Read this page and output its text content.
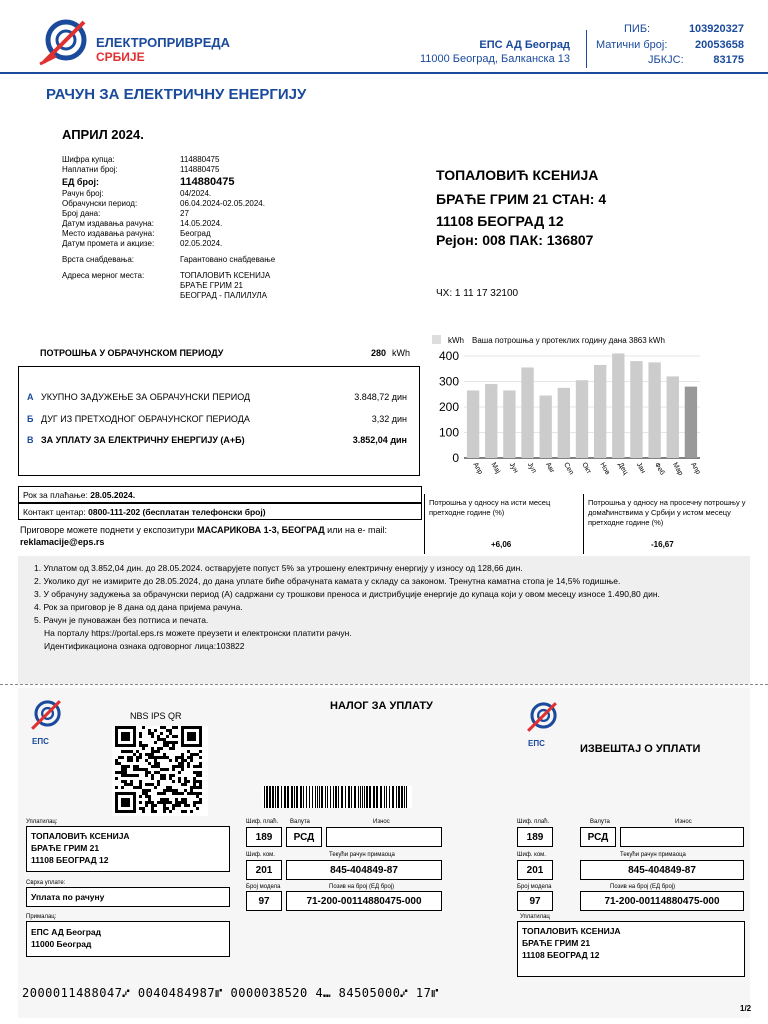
ЕЛЕКТРОПРИВРЕДА
СРБИЈЕ
ЕПС АД Београд
11000 Београд, Балканска 13
ПИБ:	103920327
Матични број:	20053658
ЈБКЈС:	83175
РАЧУН ЗА ЕЛЕКТРИЧНУ ЕНЕРГИЈУ
АПРИЛ 2024.
Шифра купца:	114880475
Наплатни број:	114880475
ЕД број:	114880475
Рачун број:	04/2024.
Обрачунски период:	06.04.2024-02.05.2024.
Број дана:	27
Датум издавања рачуна:	14.05.2024.
Место издавања рачуна:	Београд
Датум промета и акцизе:	02.05.2024.
Врста снабдевања:	Гарантовано снабдевање
Адреса мерног места:	ТОПАЛОВИЋ КСЕНИЈА
БРАЋЕ ГРИМ 21
БЕОГРАД - ПАЛИЛУЛА
ТОПАЛОВИЋ КСЕНИЈА
БРАЋЕ ГРИМ 21 СТАН: 4
11108 БЕОГРАД 12
Рејон: 008 ПАК: 136807
ЧХ: 1 11 17 32100
ПОТРОШЊА У ОБРАЧУНСКОМ ПЕРИОДУ	280 kWh
А УКУПНО ЗАДУЖЕЊЕ ЗА ОБРАЧУНСКИ ПЕРИОД	3.848,72 дин
Б ДУГ ИЗ ПРЕТХОДНОГ ОБРАЧУНСКОГ ПЕРИОДА	3,32 дин
В ЗА УПЛАТУ ЗА ЕЛЕКТРИЧНУ ЕНЕРГИЈУ (А+Б)	3.852,04 дин
kWh Ваша потрошња у протеклих годину дана 3863 kWh
0
100
200
300
400
Апр Мај Јун Јул Авг Сеп Окт Нов Дец Јан Феб Мар Апр
Потрошња у односу на исти месец претходне године (%)
+6,06
Потрошња у односу на просечну потрошњу у домаћинствима у Србији у истом месецу претходне године (%)
-16,67
Рок за плаћање: 28.05.2024.
Контакт центар: 0800-111-202 (бесплатан телефонски број)
Приговоре можете поднети у експозитури МАСАРИКОВА 1-3, БЕОГРАД или на е- mail: reklamacije@eps.rs
1. Уплатом од 3.852,04 дин. до 28.05.2024. остварујете попуст 5% за утрошену електричну енергију у износу од 128,66 дин.
2. Уколико дуг не измирите до 28.05.2024, до дана уплате биће обрачуната камата у складу са законом. Тренутна каматна стопа је 14,5% годишње.
3. У обрачуну задужења за обрачунски период (А) садржани су трошкови преноса и дистрибуције енергије до купаца који у овом месецу износе 1.490,80 дин.
4. Рок за приговор је 8 дана од дана пријема рачуна.
5. Рачун је пуноважан без потписа и печата.
На порталу https://portal.eps.rs можете преузети и електронски платити рачун.
Идентификациона ознака одговорног лица:103822
ЕПС	ЕПС
NBS IPS QR
НАЛОГ ЗА УПЛАТУ
ИЗВЕШТАЈ О УПЛАТИ
Уплатилац:
ТОПАЛОВИЋ КСЕНИЈА
БРАЋЕ ГРИМ 21
11108 БЕОГРАД 12
Сврха уплате:
Уплата по рачуну
Прималац:
ЕПС АД Београд
11000 Београд
Шиф. плаћ.
189
Валута
РСД
Износ
Шиф. ком.
201
Текући рачун примаоца
845-404849-87
Број модела
97
Позив на број (ЕД број)
71-200-00114880475-000
Шиф. плаћ.
189
Валута
РСД
Износ
Шиф. ком.
201
Текући рачун примаоца
845-404849-87
Број модела
97
Позив на број (ЕД број)
71-200-00114880475-000
Уплатилац
ТОПАЛОВИЋ КСЕНИЈА
БРАЋЕ ГРИМ 21
11108 БЕОГРАД 12
2000011488047⑇ 0040484987⑈ 0000038520 4⑉ 84505000⑇ 17⑈
1/2
